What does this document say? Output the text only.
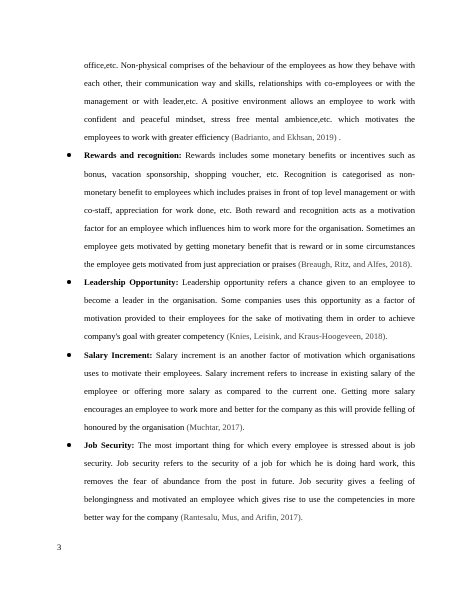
office,etc. Non-physical comprises of the behaviour of the employees as how they behave with each other, their communication way and skills, relationships with co-employees or with the management or with leader,etc. A positive environment allows an employee to work with confident and peaceful mindset, stress free mental ambience,etc. which motivates the employees to work with greater efficiency (Badrianto, and Ekhsan, 2019) .

Rewards and recognition: Rewards includes some monetary benefits or incentives such as bonus, vacation sponsorship, shopping voucher, etc. Recognition is categorised as non-monetary benefit to employees which includes praises in front of top level management or with co-staff, appreciation for work done, etc. Both reward and recognition acts as a motivation factor for an employee which influences him to work more for the organisation. Sometimes an employee gets motivated by getting monetary benefit that is reward or in some circumstances the employee gets motivated from just appreciation or praises (Breaugh, Ritz, and Alfes, 2018).

Leadership Opportunity: Leadership opportunity refers a chance given to an employee to become a leader in the organisation. Some companies uses this opportunity as a factor of motivation provided to their employees for the sake of motivating them in order to achieve company's goal with greater competency (Knies, Leisink, and Kraus-Hoogeveen, 2018).

Salary Increment: Salary increment is an another factor of motivation which organisations uses to motivate their employees. Salary increment refers to increase in existing salary of the employee or offering more salary as compared to the current one. Getting more salary encourages an employee to work more and better for the company as this will provide felling of honoured by the organisation (Muchtar, 2017).

Job Security: The most important thing for which every employee is stressed about is job security. Job security refers to the security of a job for which he is doing hard work, this removes the fear of abundance from the post in future. Job security gives a feeling of belongingness and motivated an employee which gives rise to use the competencies in more better way for the company (Rantesalu, Mus, and Arifin, 2017).

3
